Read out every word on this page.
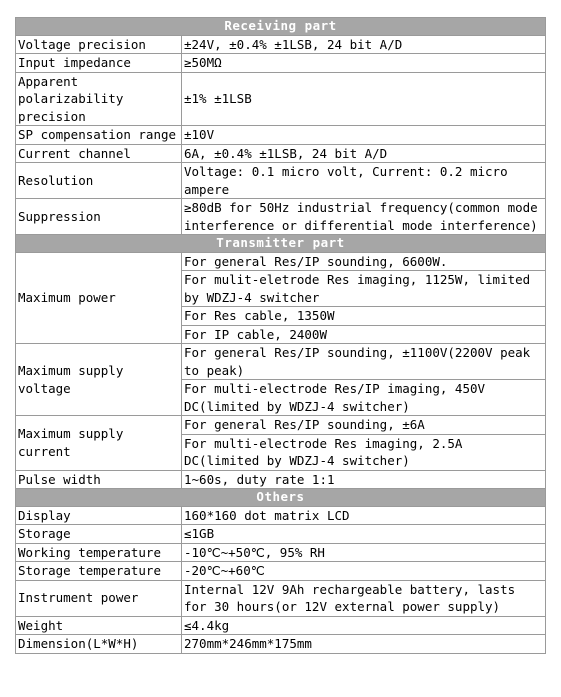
Receiving part	
Voltage precision	±24V, ±0.4% ±1LSB, 24 bit A/D
Input impedance	≥50MΩ
Apparent polarizability precision	±1% ±1LSB
SP compensation range	±10V
Current channel	6A, ±0.4% ±1LSB, 24 bit A/D
Resolution	Voltage: 0.1 micro volt, Current: 0.2 micro ampere
Suppression	≥80dB for 50Hz industrial frequency(common mode interference or differential mode interference)
Transmitter part	
Maximum power	For general Res/IP sounding, 6600W.
	For mulit-eletrode Res imaging, 1125W, limited by WDZJ-4 switcher
	For Res cable, 1350W
	For IP cable, 2400W
Maximum supply voltage	For general Res/IP sounding, ±1100V(2200V peak to peak)
	For multi-electrode Res/IP imaging, 450V DC(limited by WDZJ-4 switcher)
Maximum supply current	For general Res/IP sounding, ±6A
	For multi-electrode Res imaging, 2.5A DC(limited by WDZJ-4 switcher)
Pulse width	1~60s, duty rate 1:1
Others	
Display	160*160 dot matrix LCD
Storage	≤1GB
Working temperature	-10℃~+50℃, 95% RH
Storage temperature	-20℃~+60℃
Instrument power	Internal 12V 9Ah rechargeable battery, lasts for 30 hours(or 12V external power supply)
Weight	≤4.4kg
Dimension(L*W*H)	270mm*246mm*175mm
